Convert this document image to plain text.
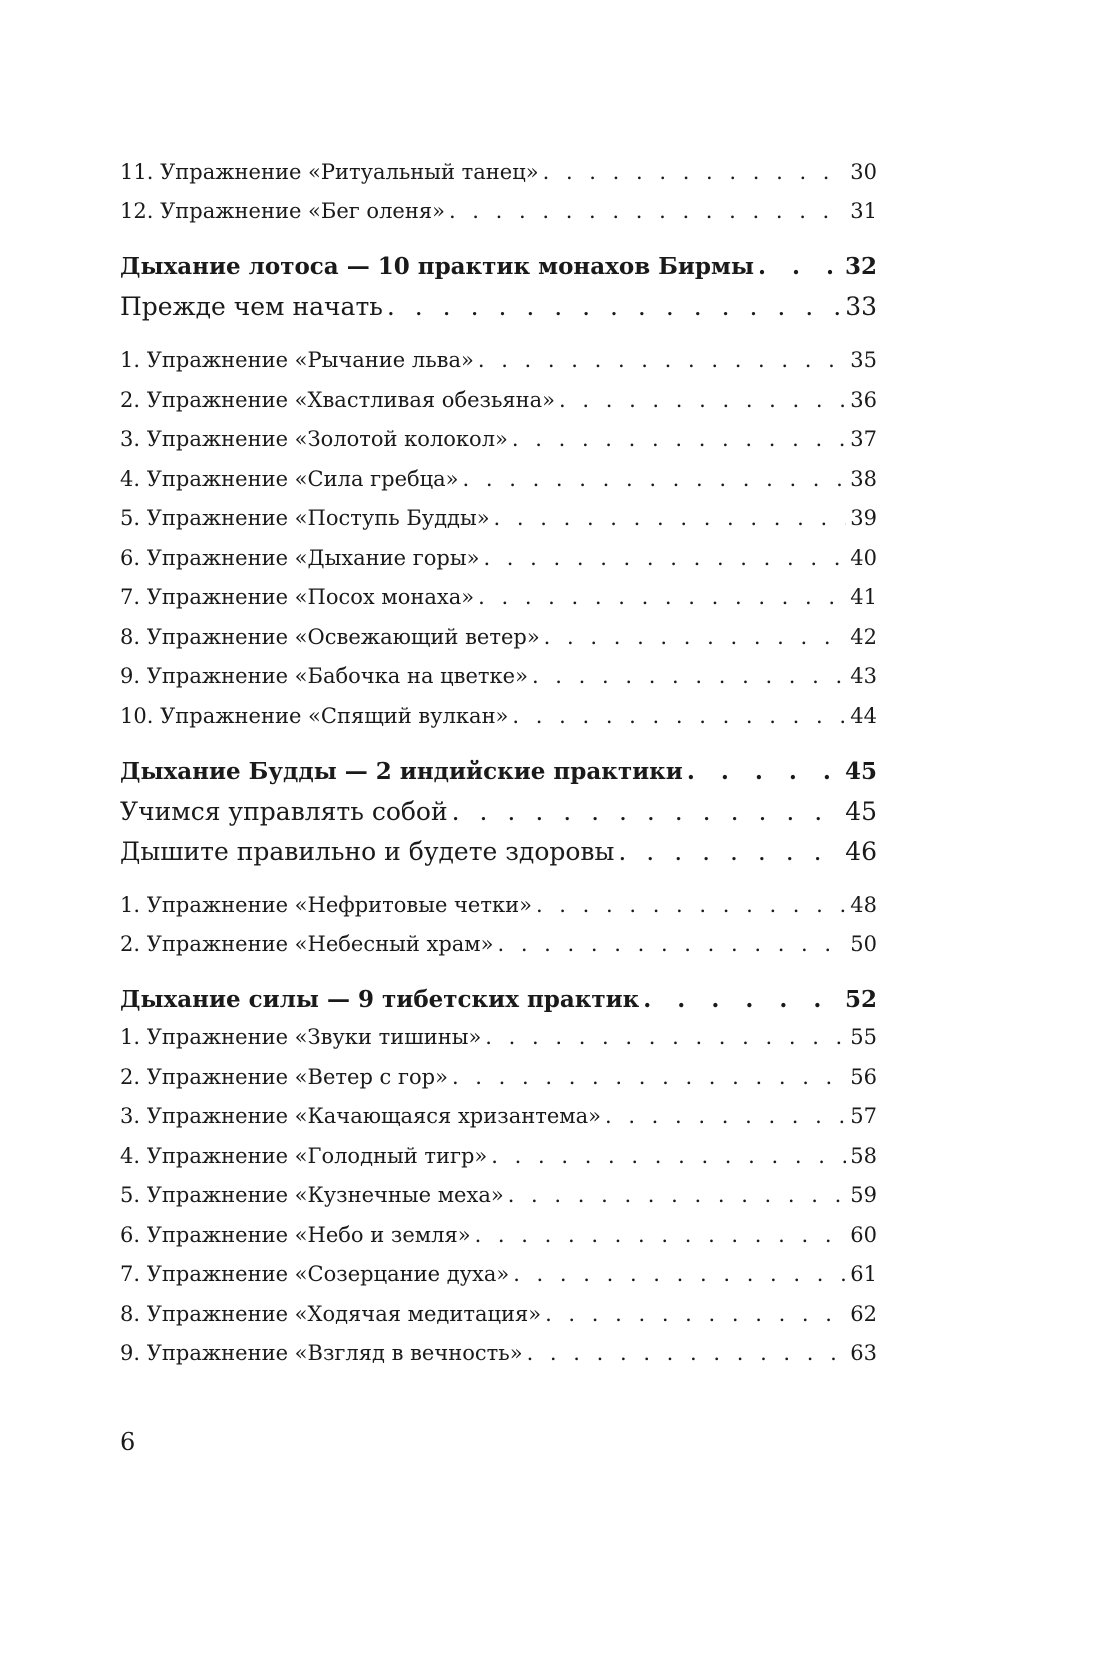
11. Упражнение «Ритуальный танец» . . .	30
12. Упражнение «Бег оленя» . . .	31
Дыхание лотоса — 10 практик монахов Бирмы . . .	32
Прежде чем начать . . .	33
1. Упражнение «Рычание льва» . . .	35
2. Упражнение «Хвастливая обезьяна» . . .	36
3. Упражнение «Золотой колокол» . . .	37
4. Упражнение «Сила гребца» . . .	38
5. Упражнение «Поступь Будды» . . .	39
6. Упражнение «Дыхание горы» . . .	40
7. Упражнение «Посох монаха» . . .	41
8. Упражнение «Освежающий ветер» . . .	42
9. Упражнение «Бабочка на цветке» . . .	43
10. Упражнение «Спящий вулкан» . . .	44
Дыхание Будды — 2 индийские практики . . .	45
Учимся управлять собой . . .	45
Дышите правильно и будете здоровы . . .	46
1. Упражнение «Нефритовые четки» . . .	48
2. Упражнение «Небесный храм» . . .	50
Дыхание силы — 9 тибетских практик . . .	52
1. Упражнение «Звуки тишины» . . .	55
2. Упражнение «Ветер с гор» . . .	56
3. Упражнение «Качающаяся хризантема» . . .	57
4. Упражнение «Голодный тигр» . . .	58
5. Упражнение «Кузнечные меха» . . .	59
6. Упражнение «Небо и земля» . . .	60
7. Упражнение «Созерцание духа» . . .	61
8. Упражнение «Ходячая медитация» . . .	62
9. Упражнение «Взгляд в вечность» . . .	63
6
